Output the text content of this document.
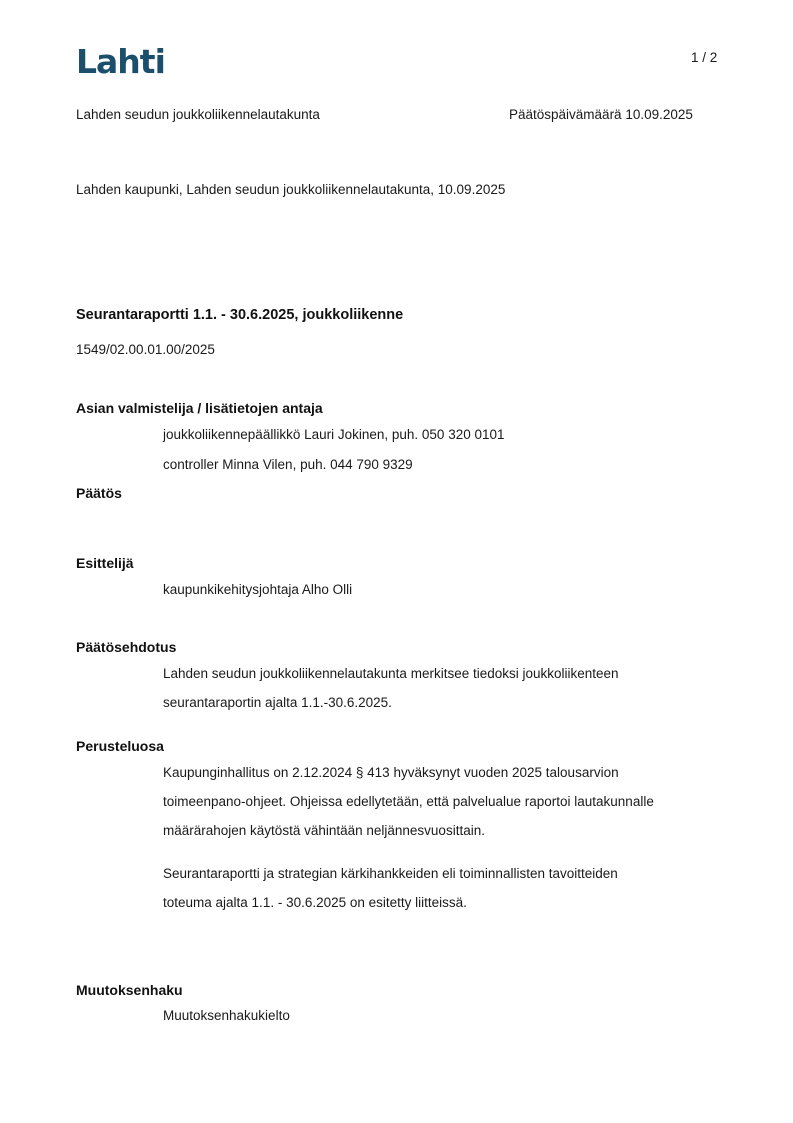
Lahti	1 / 2
Lahden seudun joukkoliikennelautakunta	Päätöspäivämäärä 10.09.2025
Lahden kaupunki, Lahden seudun joukkoliikennelautakunta, 10.09.2025
Seurantaraportti 1.1. - 30.6.2025, joukkoliikenne
1549/02.00.01.00/2025
Asian valmistelija / lisätietojen antaja
joukkoliikennepäällikkö Lauri Jokinen, puh. 050 320 0101
controller Minna Vilen, puh. 044 790 9329
Päätös
Esittelijä
kaupunkikehitysjohtaja Alho Olli
Päätösehdotus
Lahden seudun joukkoliikennelautakunta merkitsee tiedoksi joukkoliikenteen
seurantaraportin ajalta 1.1.-30.6.2025.
Perusteluosa
Kaupunginhallitus on 2.12.2024 § 413 hyväksynyt vuoden 2025 talousarvion
toimeenpano-ohjeet. Ohjeissa edellytetään, että palvelualue raportoi lautakunnalle
määrärahojen käytöstä vähintään neljännesvuosittain.
Seurantaraportti ja strategian kärkihankkeiden eli toiminnallisten tavoitteiden
toteuma ajalta 1.1. - 30.6.2025 on esitetty liitteissä.
Muutoksenhaku
Muutoksenhakukielto
